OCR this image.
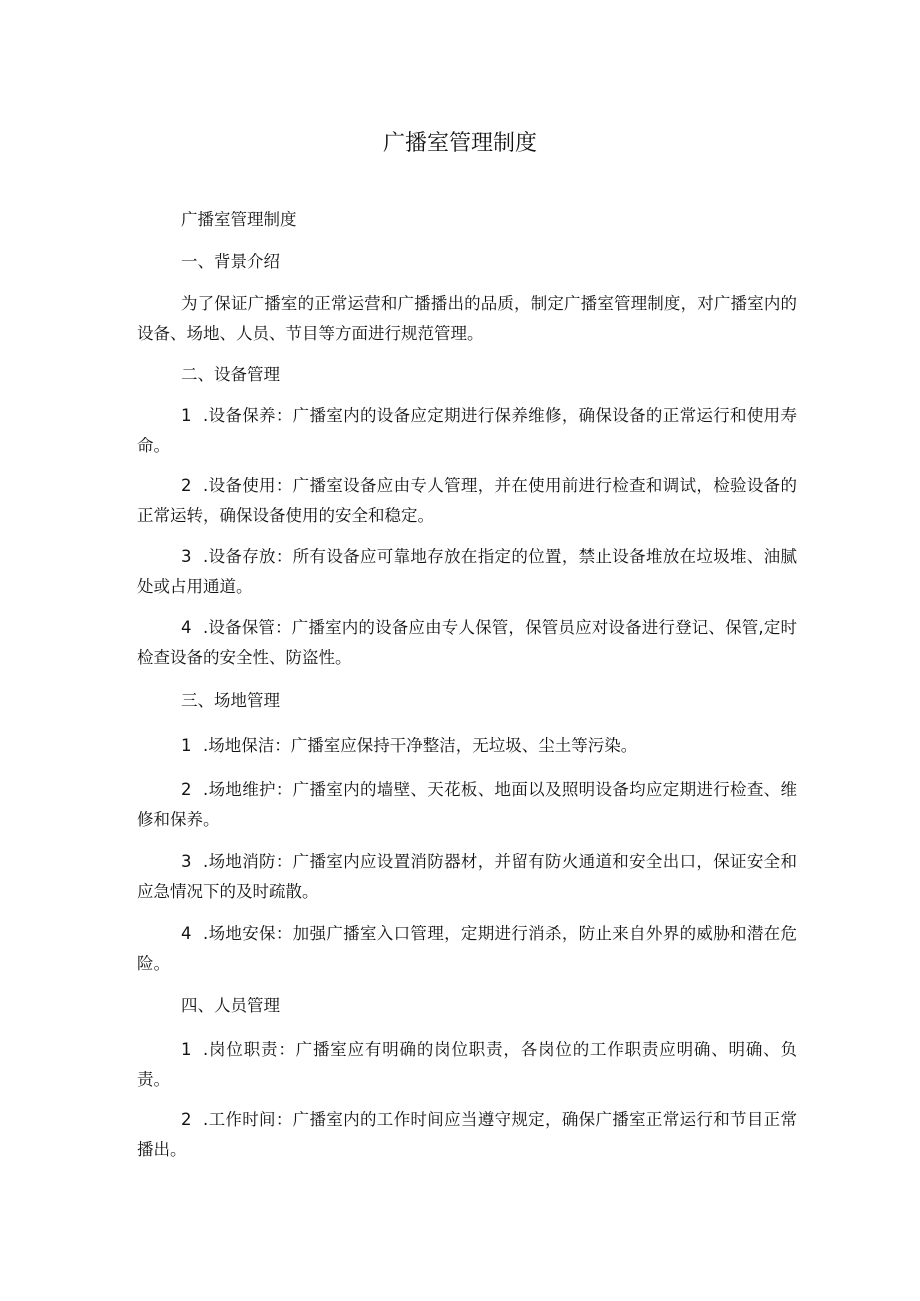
广播室管理制度

广播室管理制度

一、背景介绍

为了保证广播室的正常运营和广播播出的品质，制定广播室管理制度，对广播室内的设备、场地、人员、节目等方面进行规范管理。

二、设备管理

1 .设备保养：广播室内的设备应定期进行保养维修，确保设备的正常运行和使用寿命。

2 .设备使用：广播室设备应由专人管理，并在使用前进行检查和调试，检验设备的正常运转，确保设备使用的安全和稳定。

3 .设备存放：所有设备应可靠地存放在指定的位置，禁止设备堆放在垃圾堆、油腻处或占用通道。

4 .设备保管：广播室内的设备应由专人保管，保管员应对设备进行登记、保管,定时检查设备的安全性、防盗性。

三、场地管理

1 .场地保洁：广播室应保持干净整洁，无垃圾、尘土等污染。

2 .场地维护：广播室内的墙壁、天花板、地面以及照明设备均应定期进行检查、维修和保养。

3 .场地消防：广播室内应设置消防器材，并留有防火通道和安全出口，保证安全和应急情况下的及时疏散。

4 .场地安保：加强广播室入口管理，定期进行消杀，防止来自外界的威胁和潜在危险。

四、人员管理

1 .岗位职责：广播室应有明确的岗位职责，各岗位的工作职责应明确、明确、负责。

2 .工作时间：广播室内的工作时间应当遵守规定，确保广播室正常运行和节目正常播出。
